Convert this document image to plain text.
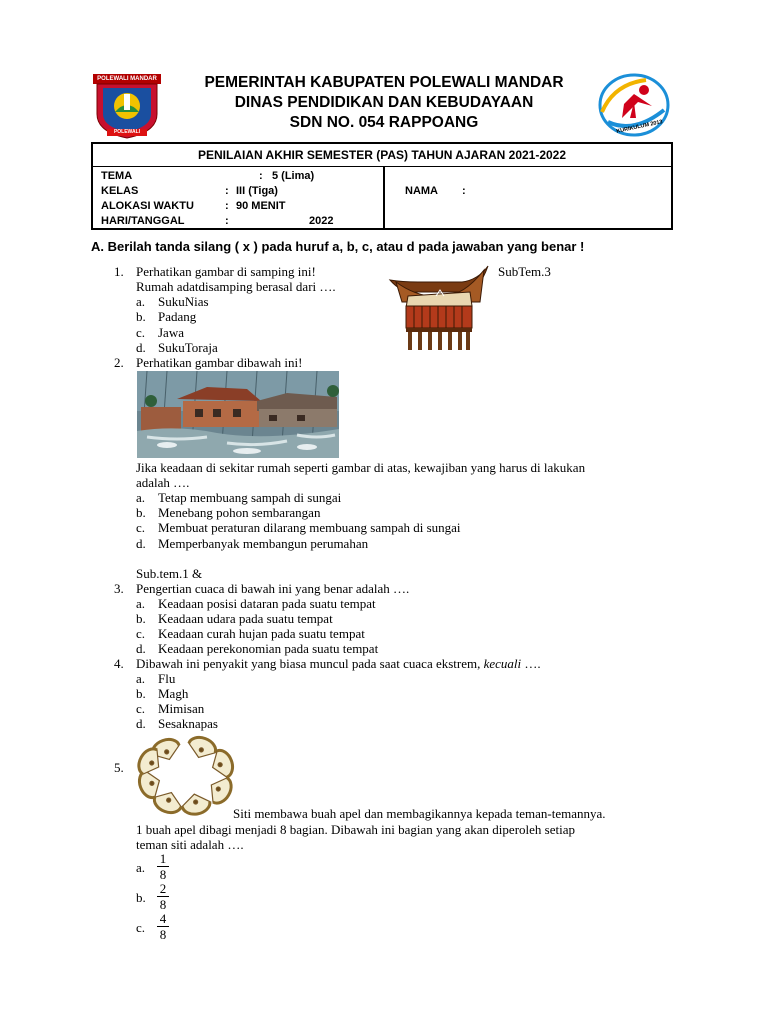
POLEWALI MANDAR
POLEWALI
PEMERINTAH KABUPATEN POLEWALI MANDAR
DINAS PENDIDIKAN DAN KEBUDAYAAN
SDN NO. 054 RAPPOANG	KURIKULUM 2013
PENILAIAN AKHIR SEMESTER (PAS) TAHUN AJARAN 2021-2022
TEMA	: 5 (Lima)
KELAS	: III (Tiga)
ALOKASI WAKTU	: 90 MENIT
HARI/TANGGAL	:	2022
NAMA :
A. Berilah tanda silang ( x ) pada huruf a, b, c, atau d pada jawaban yang benar !
1. Perhatikan gambar di samping ini!	SubTem.3
Rumah adatdisamping berasal dari ….
a. SukuNias
b. Padang
c. Jawa
d. SukuToraja
2. Perhatikan gambar dibawah ini!
Jika keadaan di sekitar rumah seperti gambar di atas, kewajiban yang harus di lakukan
adalah ….
a. Tetap membuang sampah di sungai
b. Menebang pohon sembarangan
c. Membuat peraturan dilarang membuang sampah di sungai
d. Memperbanyak membangun perumahan
Sub.tem.1 &
3. Pengertian cuaca di bawah ini yang benar adalah ….
a. Keadaan posisi dataran pada suatu tempat
b. Keadaan udara pada suatu tempat
c. Keadaan curah hujan pada suatu tempat
d. Keadaan perekonomian pada suatu tempat
4. Dibawah ini penyakit yang biasa muncul pada saat cuaca ekstrem, kecuali ….
a. Flu
b. Magh
c. Mimisan
d. Sesaknapas
5.
Siti membawa buah apel dan membagikannya kepada teman-temannya.
1 buah apel dibagi menjadi 8 bagian. Dibawah ini bagian yang akan diperoleh setiap
teman siti adalah ….
a.
1
8
b.
2
8
c.
4
8
